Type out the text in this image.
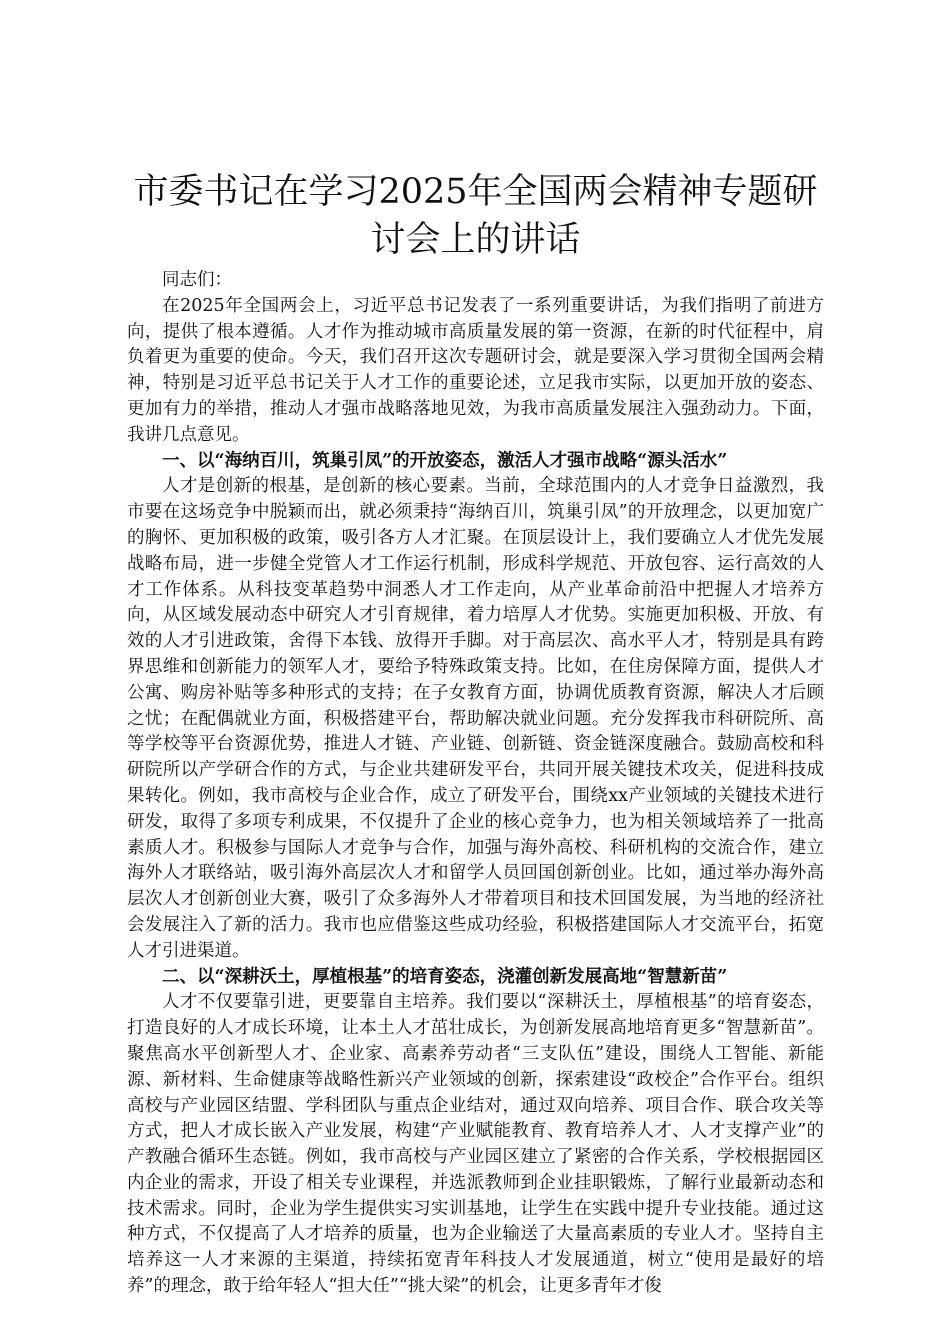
市委书记在学习2025年全国两会精神专题研讨会上的讲话

同志们：

在2025年全国两会上，习近平总书记发表了一系列重要讲话，为我们指明了前进方向，提供了根本遵循。人才作为推动城市高质量发展的第一资源，在新的时代征程中，肩负着更为重要的使命。今天，我们召开这次专题研讨会，就是要深入学习贯彻全国两会精神，特别是习近平总书记关于人才工作的重要论述，立足我市实际，以更加开放的姿态、更加有力的举措，推动人才强市战略落地见效，为我市高质量发展注入强劲动力。下面，我讲几点意见。

一、以“海纳百川，筑巢引凤”的开放姿态，激活人才强市战略“源头活水”

人才是创新的根基，是创新的核心要素。当前，全球范围内的人才竞争日益激烈，我市要在这场竞争中脱颖而出，就必须秉持“海纳百川，筑巢引凤”的开放理念，以更加宽广的胸怀、更加积极的政策，吸引各方人才汇聚。在顶层设计上，我们要确立人才优先发展战略布局，进一步健全党管人才工作运行机制，形成科学规范、开放包容、运行高效的人才工作体系。从科技变革趋势中洞悉人才工作走向，从产业革命前沿中把握人才培养方向，从区域发展动态中研究人才引育规律，着力培厚人才优势。实施更加积极、开放、有效的人才引进政策，舍得下本钱、放得开手脚。对于高层次、高水平人才，特别是具有跨界思维和创新能力的领军人才，要给予特殊政策支持。比如，在住房保障方面，提供人才公寓、购房补贴等多种形式的支持；在子女教育方面，协调优质教育资源，解决人才后顾之忧；在配偶就业方面，积极搭建平台，帮助解决就业问题。充分发挥我市科研院所、高等学校等平台资源优势，推进人才链、产业链、创新链、资金链深度融合。鼓励高校和科研院所以产学研合作的方式，与企业共建研发平台，共同开展关键技术攻关，促进科技成果转化。例如，我市高校与企业合作，成立了研发平台，围绕xx产业领域的关键技术进行研发，取得了多项专利成果，不仅提升了企业的核心竞争力，也为相关领域培养了一批高素质人才。积极参与国际人才竞争与合作，加强与海外高校、科研机构的交流合作，建立海外人才联络站，吸引海外高层次人才和留学人员回国创新创业。比如，通过举办海外高层次人才创新创业大赛，吸引了众多海外人才带着项目和技术回国发展，为当地的经济社会发展注入了新的活力。我市也应借鉴这些成功经验，积极搭建国际人才交流平台，拓宽人才引进渠道。

二、以“深耕沃土，厚植根基”的培育姿态，浇灌创新发展高地“智慧新苗”

人才不仅要靠引进，更要靠自主培养。我们要以“深耕沃土，厚植根基”的培育姿态，打造良好的人才成长环境，让本土人才茁壮成长，为创新发展高地培育更多“智慧新苗”。聚焦高水平创新型人才、企业家、高素养劳动者“三支队伍”建设，围绕人工智能、新能源、新材料、生命健康等战略性新兴产业领域的创新，探索建设“政校企”合作平台。组织高校与产业园区结盟、学科团队与重点企业结对，通过双向培养、项目合作、联合攻关等方式，把人才成长嵌入产业发展，构建“产业赋能教育、教育培养人才、人才支撑产业”的产教融合循环生态链。例如，我市高校与产业园区建立了紧密的合作关系，学校根据园区内企业的需求，开设了相关专业课程，并选派教师到企业挂职锻炼，了解行业最新动态和技术需求。同时，企业为学生提供实习实训基地，让学生在实践中提升专业技能。通过这种方式，不仅提高了人才培养的质量，也为企业输送了大量高素质的专业人才。坚持自主培养这一人才来源的主渠道，持续拓宽青年科技人才发展通道，树立“使用是最好的培养”的理念，敢于给年轻人“担大任”“挑大梁”的机会，让更多青年才俊
